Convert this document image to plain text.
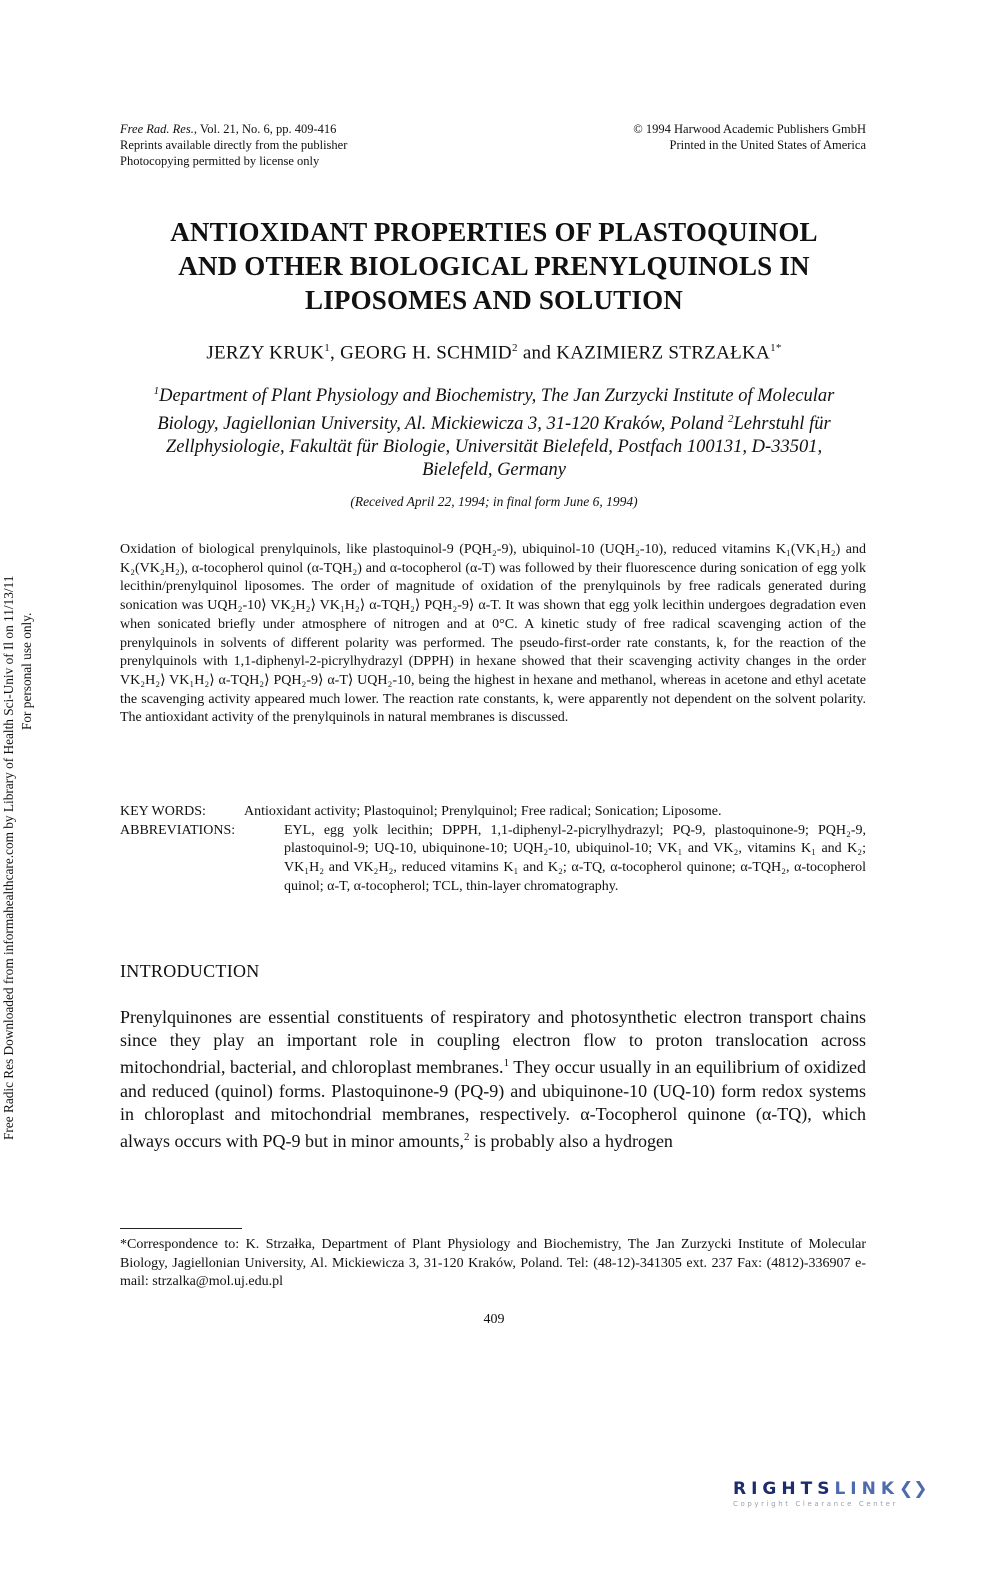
Free Rad. Res., Vol. 21, No. 6, pp. 409-416
Reprints available directly from the publisher
Photocopying permitted by license only
© 1994 Harwood Academic Publishers GmbH
Printed in the United States of America
ANTIOXIDANT PROPERTIES OF PLASTOQUINOL
AND OTHER BIOLOGICAL PRENYLQUINOLS IN
LIPOSOMES AND SOLUTION
JERZY KRUK$^1$, GEORG H. SCHMID$^2$ and KAZIMIERZ $STRZAŁKA^{1*}$
$^1$Department of Plant Physiology and Biochemistry, The Jan Zurzycki Institute of Molecular Biology, Jagiellonian University, Al. Mickiewicza 3, 31-120 Kraków, Poland $^2$Lehrstuhl für Zellphysiologie, Fakultät für Biologie, Universität Bielefeld, Postfach 100131, D-33501, Bielefeld, Germany
(Received April 22, 1994; in final form June 6, 1994)
Oxidation of biological prenylquinols, like plastoquinol-9 (PQH₂-9), ubiquinol-10 (UQH₂-10), reduced vitamins K₁(VK₁H₂) and K₂(VK₂H₂), α-tocopherol quinol (α-TQH₂) and α-tocopherol (α-T) was followed by their fluorescence during sonication of egg yolk lecithin/prenylquinol liposomes. The order of magnitude of oxidation of the prenylquinols by free radicals generated during sonication was UQH₂-10⟩ VK₂H₂⟩ VK₁H₂⟩ α-TQH₂⟩ PQH₂-9⟩ α-T. It was shown that egg yolk lecithin undergoes degradation even when sonicated briefly under atmosphere of nitrogen and at 0°C. A kinetic study of free radical scavenging action of the prenylquinols in solvents of different polarity was performed. The pseudo-first-order rate constants, k, for the reaction of the prenylquinols with 1,1-diphenyl-2-picrylhydrazyl (DPPH) in hexane showed that their scavenging activity changes in the order VK₂H₂⟩ VK₁H₂⟩ α-TQH₂⟩ PQH₂-9⟩ α-T⟩ UQH₂-10, being the highest in hexane and methanol, whereas in acetone and ethyl acetate the scavenging activity appeared much lower. The reaction rate constants, k, were apparently not dependent on the solvent polarity. The antioxidant activity of the prenylquinols in natural membranes is discussed.
KEY WORDS:	Antioxidant activity; Plastoquinol; Prenylquinol; Free radical; Sonication; Liposome.
ABBREVIATIONS:	EYL, egg yolk lecithin; DPPH, 1,1-diphenyl-2-picrylhydrazyl; PQ-9, plastoquinone-9; PQH₂-9, plastoquinol-9; UQ-10, ubiquinone-10; UQH₂-10, ubiquinol-10; VK₁ and VK₂, vitamins K₁ and K₂; VK₁H₂ and VK₂H₂, reduced vitamins K₁ and K₂; α-TQ, α-tocopherol quinone; α-TQH₂, α-tocopherol quinol; α-T, α-tocopherol; TCL, thin-layer chromatography.
INTRODUCTION
Prenylquinones are essential constituents of respiratory and photosynthetic electron transport chains since they play an important role in coupling electron flow to proton translocation across mitochondrial, bacterial, and chloroplast membranes.$^1$ They occur usually in an equilibrium of oxidized and reduced (quinol) forms. Plastoquinone-9 (PQ-9) and ubiquinone-10 (UQ-10) form redox systems in chloroplast and mitochondrial membranes, respectively. α-Tocopherol quinone (α-TQ), which always occurs with PQ-9 but in minor amounts,$^2$ is probably also a hydrogen
*Correspondence to: K. Strzałka, Department of Plant Physiology and Biochemistry, The Jan Zurzycki Institute of Molecular Biology, Jagiellonian University, Al. Mickiewicza 3, 31-120 Kraków, Poland. Tel: (48-12)-341305 ext. 237 Fax: (4812)-336907 e-mail: strzalka@mol.uj.edu.pl
409
Free Radic Res Downloaded from informahealthcare.com by Library of Health Sci-Univ of Il on 11/13/11 For personal use only.
RIGHTSLINK❮❯
Copyright Clearance Center
